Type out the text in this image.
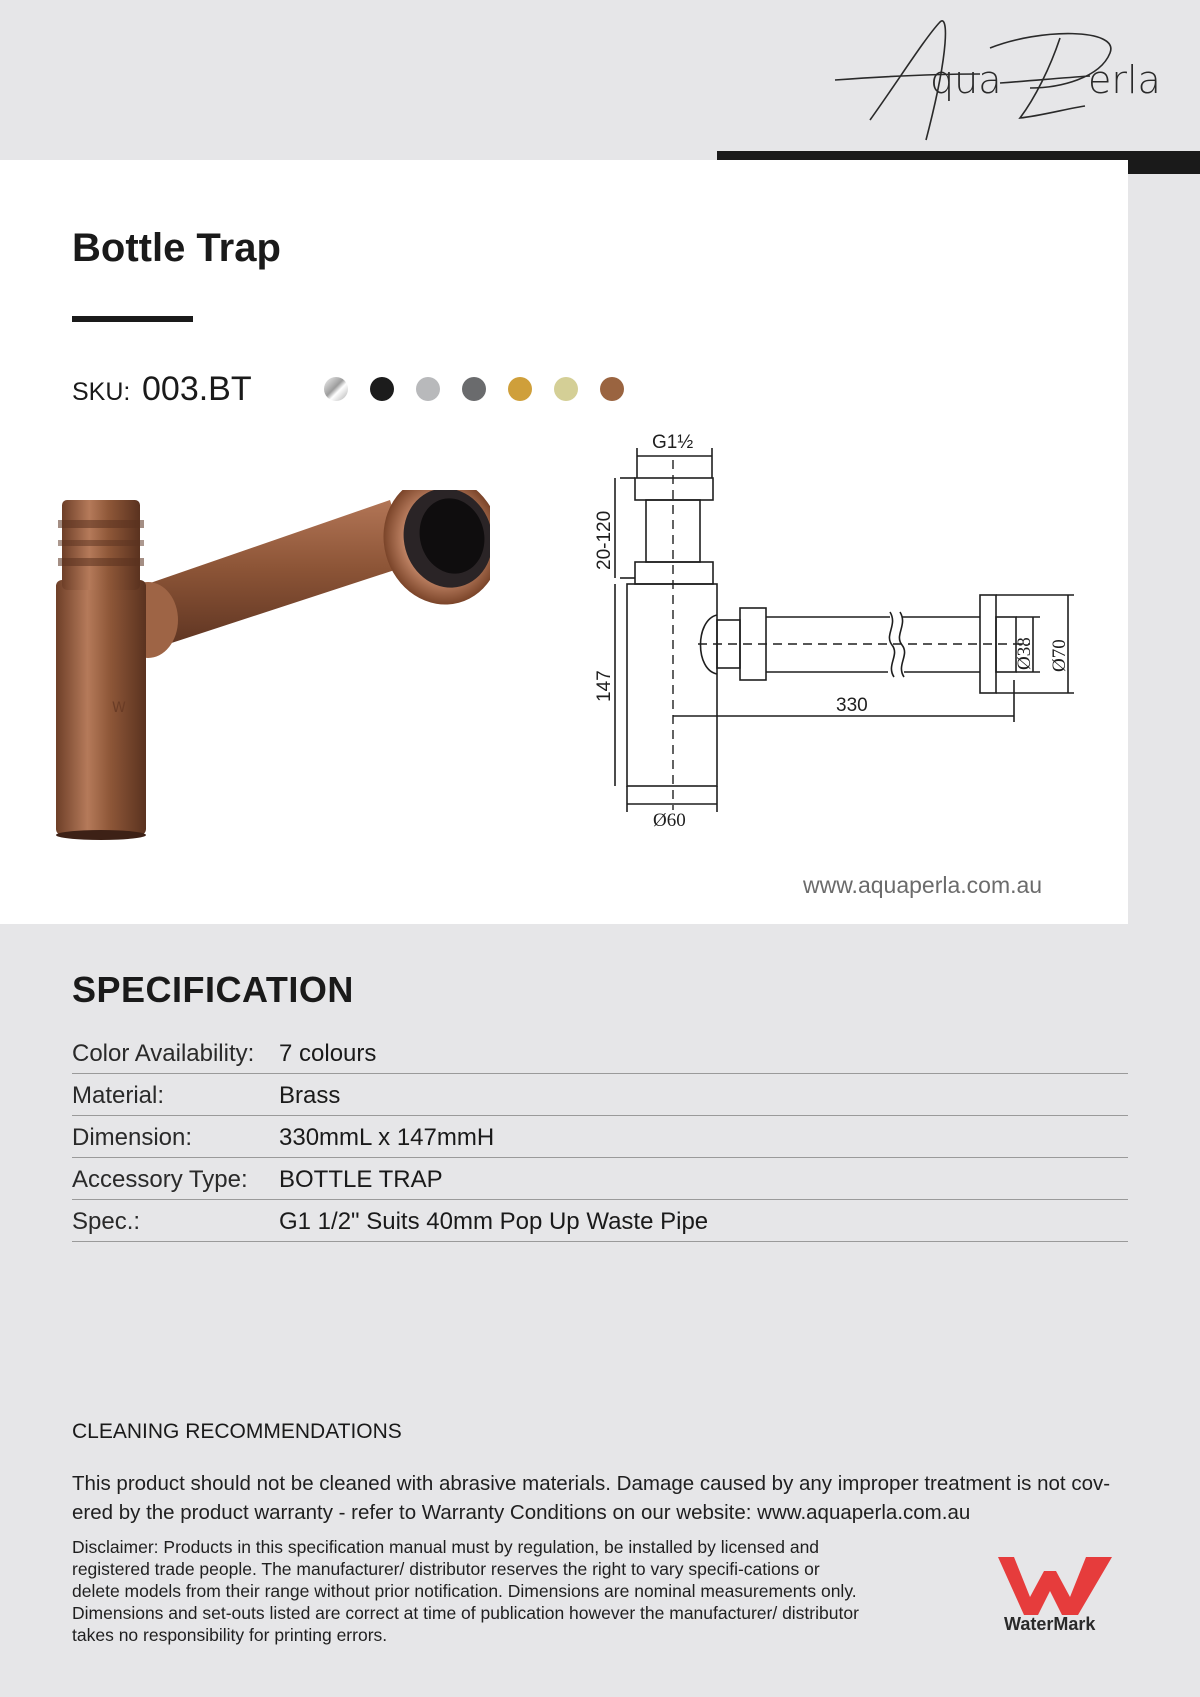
qua erla
Bottle Trap
SKU: 003.BT
W
G1½
20-120
147
330
Ø38 Ø70
Ø60
www.aquaperla.com.au
SPECIFICATION
Color Availability: 7 colours
Material:	Brass
Dimension:	330mmL x 147mmH
Accessory Type: BOTTLE TRAP
Spec.:	G1 1/2" Suits 40mm Pop Up Waste Pipe
CLEANING RECOMMENDATIONS

This product should not be cleaned with abrasive materials. Damage caused by any improper treatment is not cov-ered by the product warranty - refer to Warranty Conditions on our website: www.aquaperla.com.au

Disclaimer: Products in this specification manual must by regulation, be installed by licensed and registered trade people. The manufacturer/ distributor reserves the right to vary specifi-cations or delete models from their range without prior notification. Dimensions are nominal measurements only. Dimensions and set-outs listed are correct at time of publication however the manufacturer/ distributor takes no responsibility for printing errors.

WaterMark
